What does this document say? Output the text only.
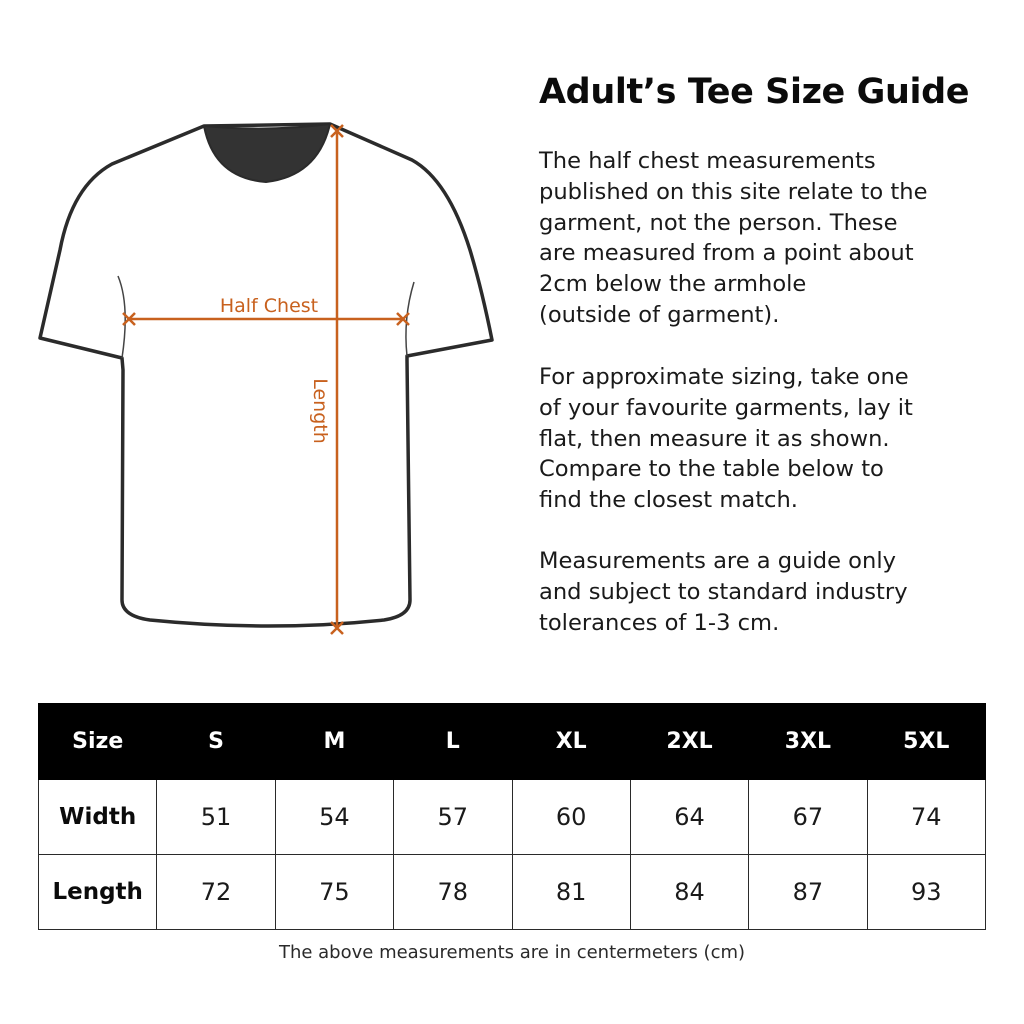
Half Chest
Length
Adult’s Tee Size Guide

The half chest measurements
published on this site relate to the
garment, not the person. These
are measured from a point about
2cm below the armhole
(outside of garment).

For approximate sizing, take one
of your favourite garments, lay it
flat, then measure it as shown.
Compare to the table below to
find the closest match.

Measurements are a guide only
and subject to standard industry
tolerances of 1-3 cm.

Size	S	M	L	XL	2XL	3XL	5XL
Width	51	54	57	60	64	67	74
Length	72	75	78	81	84	87	93

The above measurements are in centermeters (cm)
